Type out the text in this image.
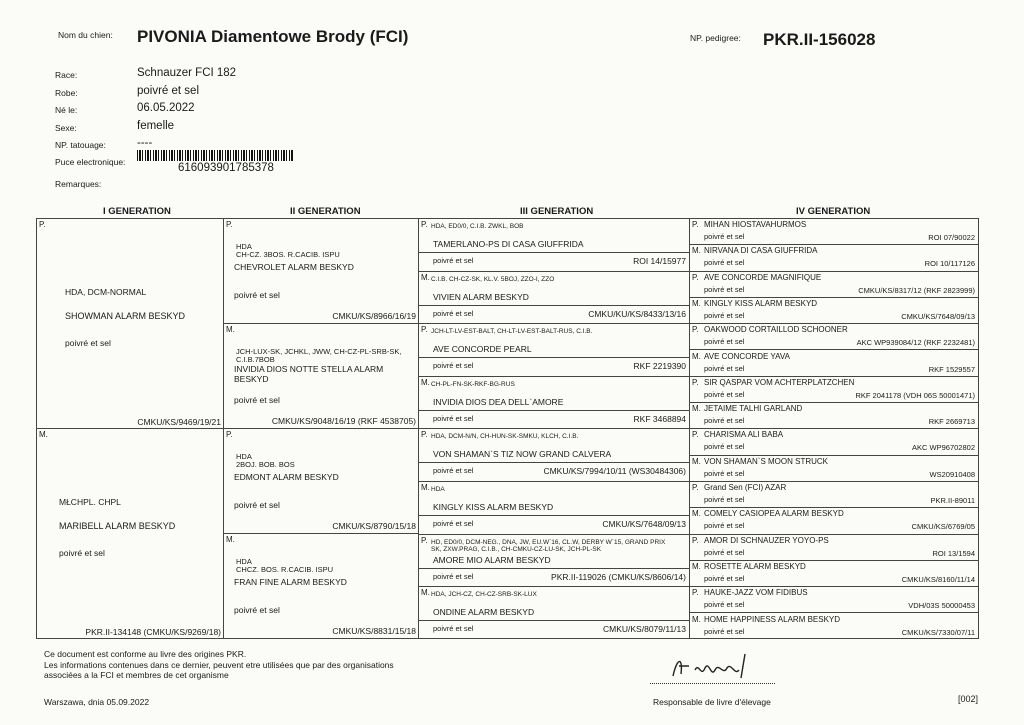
Nom du chien: PIVONIA Diamentowe Brody (FCI)	NP. pedigree: PKR.II-156028
Race:	Schnauzer FCI 182
Robe:	poivré et sel
Né le:	06.05.2022
Sexe:	femelle
NP. tatouage:	----
Puce electronique:	616093901785378
Remarques:
I GENERATION	II GENERATION	III GENERATION	IV GENERATION
P.
HDA, DCM-NORMAL
SHOWMAN ALARM BESKYD
poivré et sel
CMKU/KS/9469/19/21
M.
MŁCHPL. CHPL
MARIBELL ALARM BESKYD
poivré et sel
PKR.II-134148 (CMKU/KS/9269/18)
P.
HDA
CH-CZ. 3BOS. R.CACIB. ISPU
CHEVROLET ALARM BESKYD
poivré et sel
CMKU/KS/8966/16/19
M.
JCH-LUX-SK, JCHKL, JWW, CH-CZ-PL-SRB-SK,
C.I.B.7BOB
INVIDIA DIOS NOTTE STELLA ALARM
BESKYD
poivré et sel
CMKU/KS/9048/16/19 (RKF 4538705)
P.
HDA
2BOJ. BOB. BOS
EDMONT ALARM BESKYD
poivré et sel
CMKU/KS/8790/15/18
M.
HDA
CHCZ. BOS. R.CACIB. ISPU
FRAN FINE ALARM BESKYD
poivré et sel
CMKU/KS/8831/15/18
P. HDA, ED0/0, C.I.B. ZWKL, BOB
TAMERLANO-PS DI CASA GIUFFRIDA
poivré et sel	ROI 14/15977
M. C.I.B. CH-CZ-SK, KL.V. 5BOJ, ZZO-I, ZZO
VIVIEN ALARM BESKYD
poivré et sel	CMKU/KU/KS/8433/13/16
P. JCH-LT-LV-EST-BALT, CH-LT-LV-EST-BALT-RUS, C.I.B.
AVE CONCORDE PEARL
poivré et sel	RKF 2219390
M. CH-PL-FN-SK-RKF-BG-RUS
INVIDIA DIOS DEA DELL`AMORE
poivré et sel	RKF 3468894
P. HDA, DCM-N/N, CH-HUN-SK-SMKU, KLCH, C.I.B.
VON SHAMAN`S TIZ NOW GRAND CALVERA
poivré et sel	CMKU/KS/7994/10/11 (WS30484306)
M. HDA
KINGLY KISS ALARM BESKYD
poivré et sel	CMKU/KS/7648/09/13
P. HD, ED0/0, DCM-NEG., DNA, JW, EU.W`16, CL.W, DERBY W`15, GRAND PRIX
SK, ZXW.PRAG, C.I.B., CH-CMKU-CZ-LU-SK, JCH-PL-SK
AMORE MIO ALARM BESKYD
poivré et sel	PKR.II-119026 (CMKU/KS/8606/14)
M. HDA, JCH-CZ, CH-CZ-SRB-SK-LUX
ONDINE ALARM BESKYD
poivré et sel	CMKU/KS/8079/11/13
P. MIHAN HIOSTAVAHURMOS
poivré et sel	ROI 07/90022
M. NIRVANA DI CASA GIUFFRIDA
poivré et sel	ROI 10/117126
P. AVE CONCORDE MAGNIFIQUE
poivré et sel	CMKU/KS/8317/12 (RKF 2823999)
M. KINGLY KISS ALARM BESKYD
poivré et sel	CMKU/KS/7648/09/13
P. OAKWOOD CORTAILLOD SCHOONER
poivré et sel	AKC WP939084/12 (RKF 2232481)
M. AVE CONCORDE YAVA
poivré et sel	RKF 1529557
P. SIR QASPAR VOM ACHTERPLATZCHEN
poivré et sel	RKF 2041178 (VDH 06S 50001471)
M. JETAIME TALHI GARLAND
poivré et sel	RKF 2669713
P. CHARISMA ALI BABA
poivré et sel	AKC WP96702802
M. VON SHAMAN`S MOON STRUCK
poivré et sel	WS20910408
P. Grand Sen (FCI) AZAR
poivré et sel	PKR.II-89011
M. COMELY CASIOPEA ALARM BESKYD
poivré et sel	CMKU/KS/6769/05
P. AMOR DI SCHNAUZER YOYO-PS
poivré et sel	ROI 13/1594
M. ROSETTE ALARM BESKYD
poivré et sel	CMKU/KS/8160/11/14
P. HAUKE-JAZZ VOM FIDIBUS
poivré et sel	VDH/03S 50000453
M. HOME HAPPINESS ALARM BESKYD
poivré et sel	CMKU/KS/7330/07/11
Ce document est conforme au livre des origines PKR.
Les informations contenues dans ce dernier, peuvent etre utilisées que par des organisations
associées a la FCI et membres de cet organisme
Warszawa, dnia 05.09.2022	Responsable de livre d'élevage	[002]
